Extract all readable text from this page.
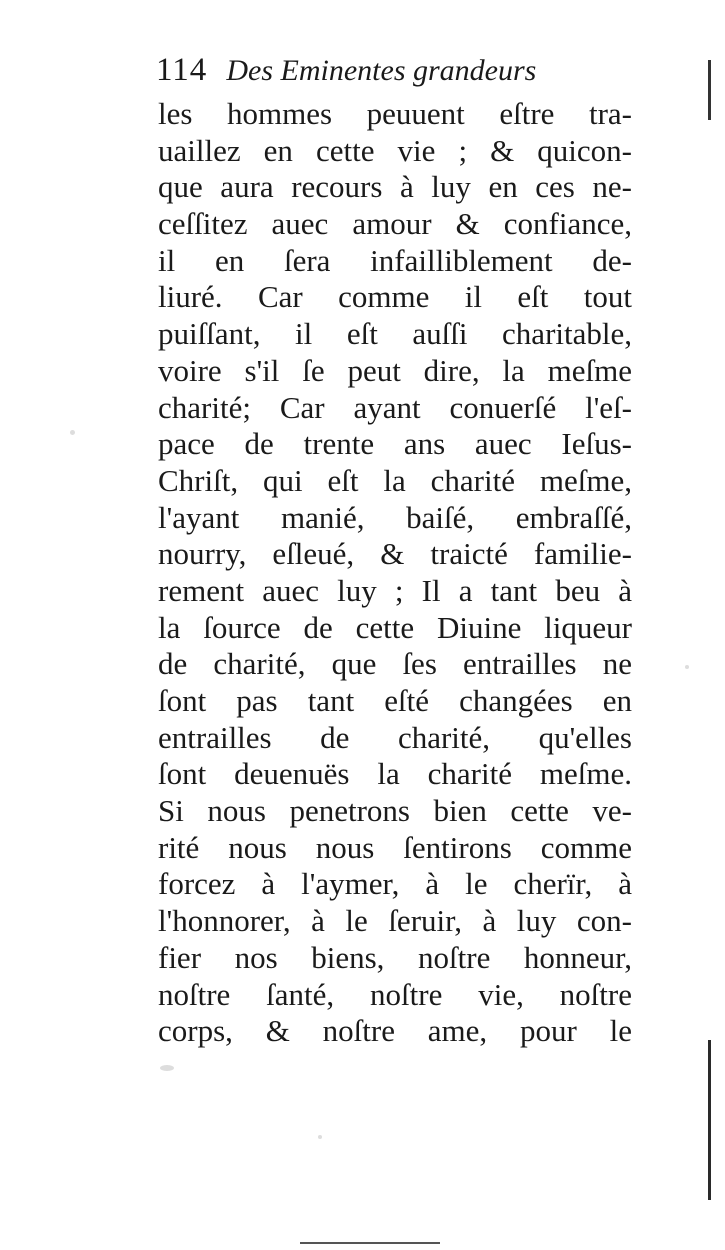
114 Des Eminentes grandeurs
les hommes peuuent eſtre tra-
uaillez en cette vie ; & quicon-
que aura recours à luy en ces ne-
ceſſitez auec amour & confiance,
il en ſera infailliblement de-
liuré. Car comme il eſt tout
puiſſant, il eſt auſſi charitable,
voire s'il ſe peut dire, la meſme
charité; Car ayant conuerſé l'eſ-
pace de trente ans auec Ieſus-
Chriſt, qui eſt la charité meſme,
l'ayant manié, baiſé, embraſſé,
nourry, eſleué, & traicté familie-
rement auec luy ; Il a tant beu à
la ſource de cette Diuine liqueur
de charité, que ſes entrailles ne
ſont pas tant eſté changées en
entrailles de charité, qu'elles
ſont deuenuës la charité meſme.
Si nous penetrons bien cette ve-
rité nous nous ſentirons comme
forcez à l'aymer, à le cherïr, à
l'honnorer, à le ſeruir, à luy con-
fier nos biens, noſtre honneur,
noſtre ſanté, noſtre vie, noſtre
corps, & noſtre ame, pour le
